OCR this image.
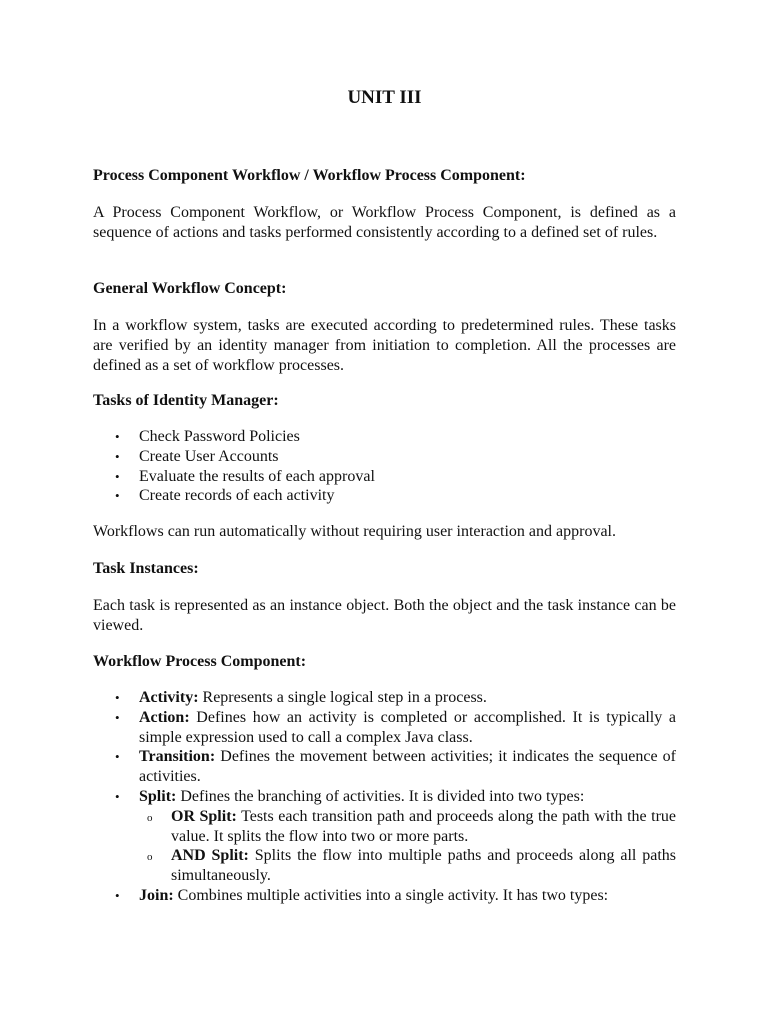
UNIT III
Process Component Workflow / Workflow Process Component:

A Process Component Workflow, or Workflow Process Component, is defined as a sequence of actions and tasks performed consistently according to a defined set of rules.

General Workflow Concept:

In a workflow system, tasks are executed according to predetermined rules. These tasks are verified by an identity manager from initiation to completion. All the processes are defined as a set of workflow processes.

Tasks of Identity Manager:
• Check Password Policies
• Create User Accounts
• Evaluate the results of each approval
• Create records of each activity

Workflows can run automatically without requiring user interaction and approval.

Task Instances:

Each task is represented as an instance object. Both the object and the task instance can be viewed.

Workflow Process Component:
• Activity: Represents a single logical step in a process.
• Action: Defines how an activity is completed or accomplished. It is typically a simple expression used to call a complex Java class.
• Transition: Defines the movement between activities; it indicates the sequence of activities.
• Split: Defines the branching of activities. It is divided into two types:
o OR Split: Tests each transition path and proceeds along the path with the true value. It splits the flow into two or more parts.
o AND Split: Splits the flow into multiple paths and proceeds along all paths simultaneously.
• Join: Combines multiple activities into a single activity. It has two types:
